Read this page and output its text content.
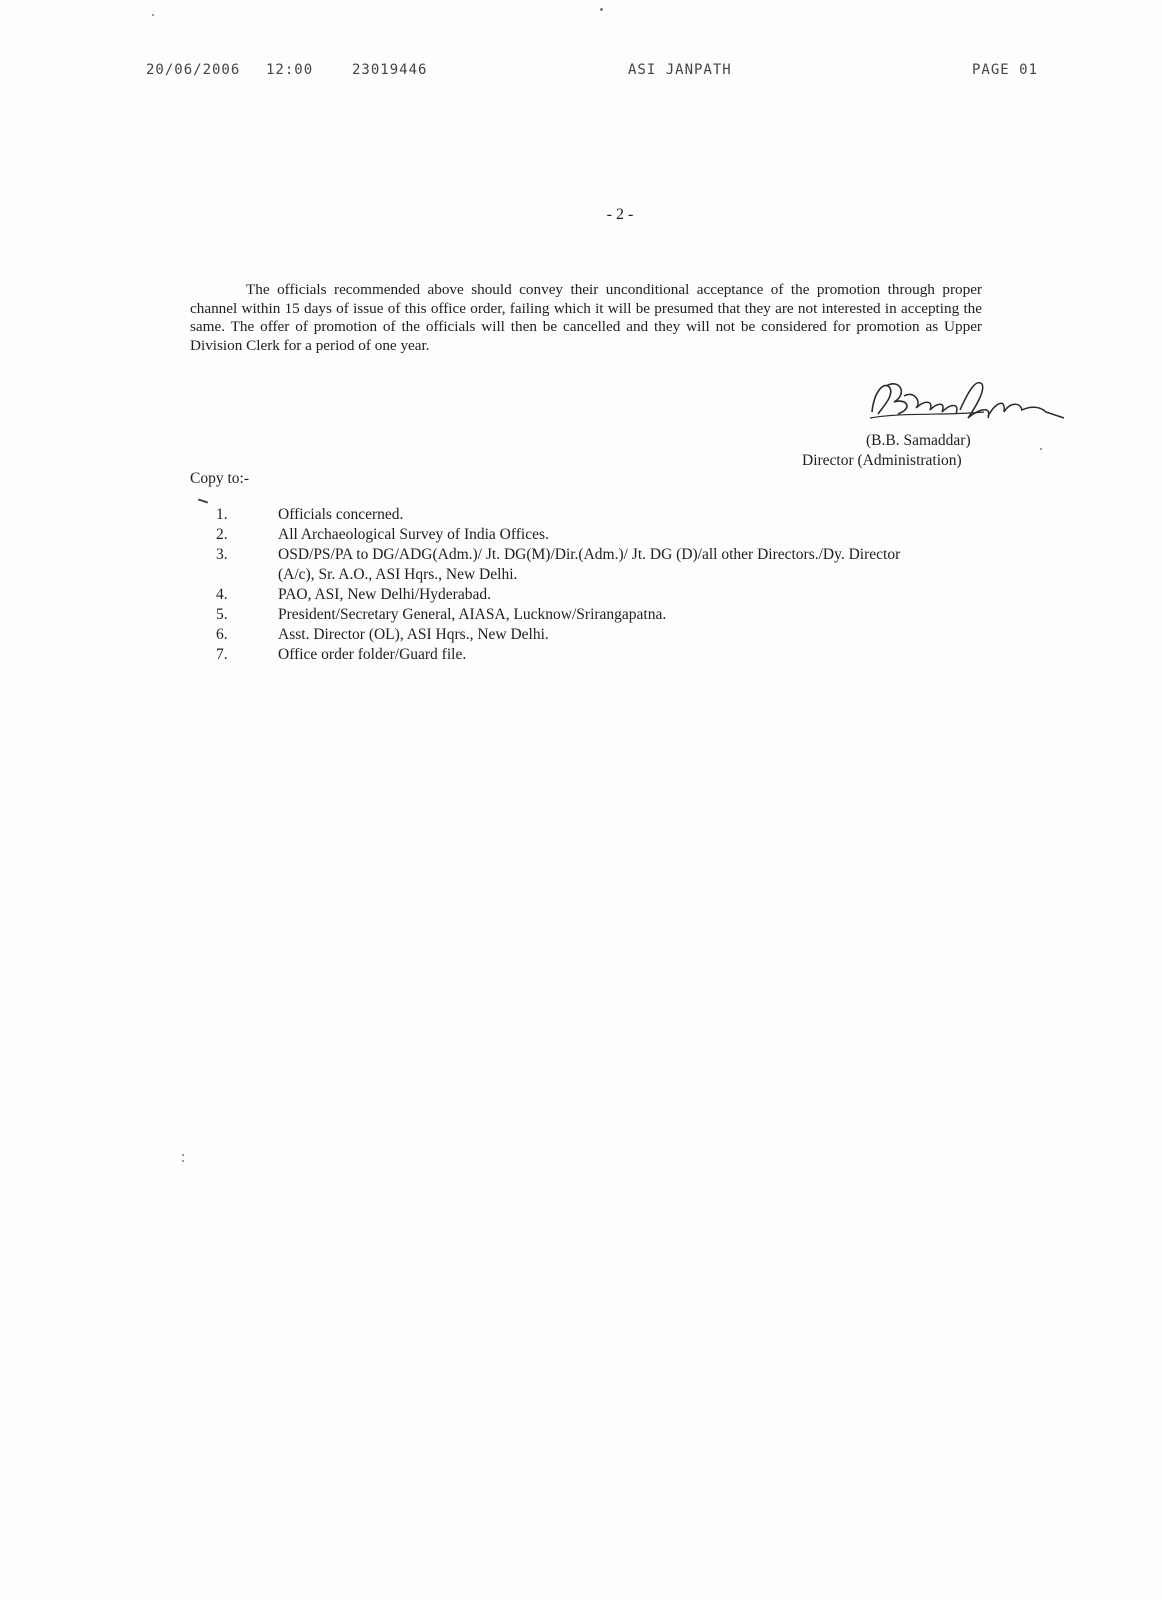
20/06/2006 12:00	23019446	ASI JANPATH	PAGE 01
- 2 -

The officials recommended above should convey their unconditional acceptance of the promotion through proper channel within 15 days of issue of this office order, failing which it will be presumed that they are not interested in accepting the same. The offer of promotion of the officials will then be cancelled and they will not be considered for promotion as Upper Division Clerk for a period of one year.

(B.B. Samaddar)
Director (Administration)
Copy to:-
1.	Officials concerned.
2.	All Archaeological Survey of India Offices.
3.	OSD/PS/PA to DG/ADG(Adm.)/ Jt. DG(M)/Dir.(Adm.)/ Jt. DG (D)/all other Directors./Dy. Director (A/c), Sr. A.O., ASI Hqrs., New Delhi.
4.	PAO, ASI, New Delhi/Hyderabad.
5.	President/Secretary General, AIASA, Lucknow/Srirangapatna.
6.	Asst. Director (OL), ASI Hqrs., New Delhi.
7.	Office order folder/Guard file.
